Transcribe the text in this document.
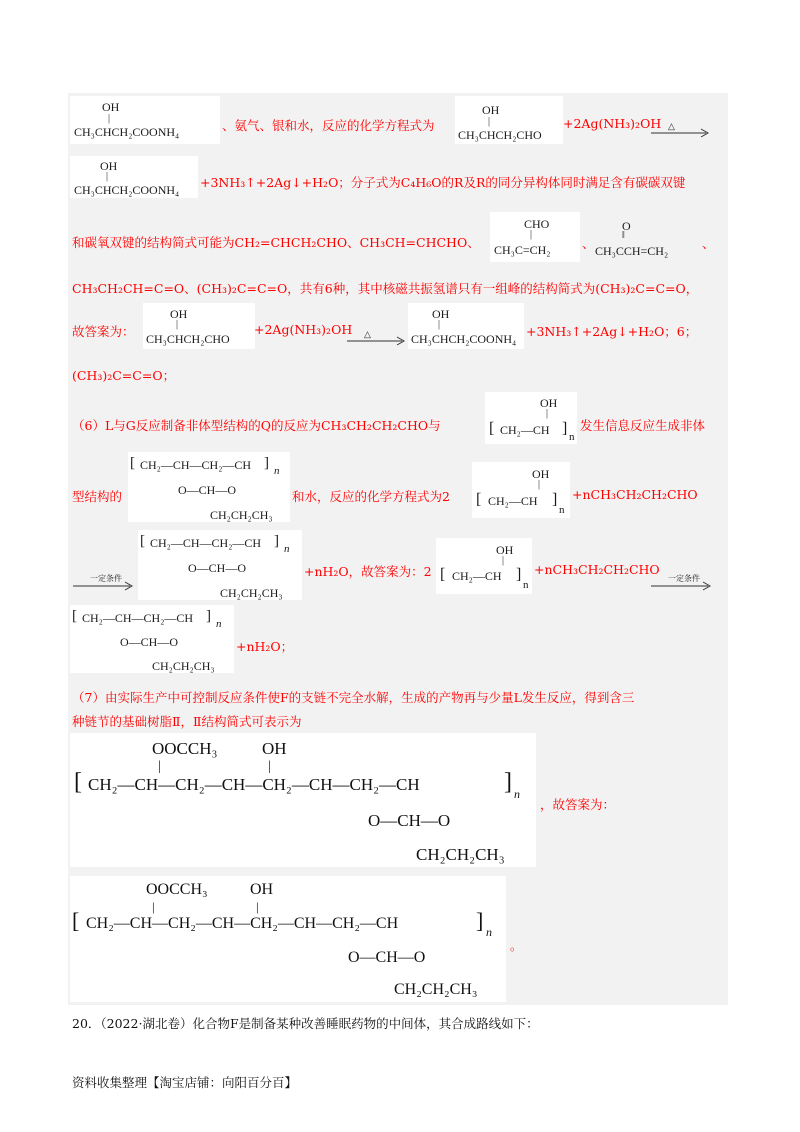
OH
|
CH₃CHCH₂COONH₄	、氨气、银和水，反应的化学方程式为
OH
|
CH₃CHCH₂CHO
+2Ag(NH₃)₂OH △
OH
|
CH₃CHCH₂COONH₄ +3NH₃↑+2Ag↓+H₂O；分子式为C₄H₆O的R及R的同分异构体同时满足含有碳碳双键
和碳氧双键的结构简式可能为CH₂=CHCH₂CHO、CH₃CH=CHCHO、
CHO
|
CH₃C=CH₂	、
O
‖
CH₃CCH=CH₂	、
CH₃CH₂CH=C=O、(CH₃)₂C=C=O，共有6种，其中核磁共振氢谱只有一组峰的结构简式为(CH₃)₂C=C=O，
故答案为：
OH
|
CH₃CHCH₂CHO
+2Ag(NH₃)₂OH △
OH
|
CH₃CHCH₂COONH₄ +3NH₃↑+2Ag↓+H₂O；6；
(CH₃)₂C=C=O；
（6）L与G反应制备非体型结构的Q的反应为CH₃CH₂CH₂CHO与
OH
|
[ CH₂—CH ] n
发生信息反应生成非体
型结构的
[ CH₂—CH—CH₂—CH ] n
O—CH—O
CH₂CH₂CH₃
和水，反应的化学方程式为2
OH
|
[ CH₂—CH ]
n
+nCH₃CH₂CH₂CHO
一定条件
[ CH₂—CH—CH₂—CH ] n
O—CH—O
CH₂CH₂CH₃
+nH₂O，故答案为：2
OH
|
[ CH₂—CH ]
n
+nCH₃CH₂CH₂CHO
一定条件
[ CH₂—CH—CH₂—CH ] n
O—CH—O
CH₂CH₂CH₃
+nH₂O；
（7）由实际生产中可控制反应条件使F的支链不完全水解，生成的产物再与少量L发生反应，得到含三
种链节的基础树脂Ⅱ，Ⅱ结构简式可表示为
OOCCH₃	OH
|	|
[ CH₂—CH—CH₂—CH—CH₂—CH—CH₂—CH	] n
O—CH—O
CH₂CH₂CH₃
，故答案为：
OOCCH₃	OH
|	|
[ CH₂—CH—CH₂—CH—CH₂—CH—CH₂—CH	] n
O—CH—O
CH₂CH₂CH₃
。
20．（2022·湖北卷）化合物F是制备某种改善睡眠药物的中间体，其合成路线如下：
资料收集整理【淘宝店铺：向阳百分百】
